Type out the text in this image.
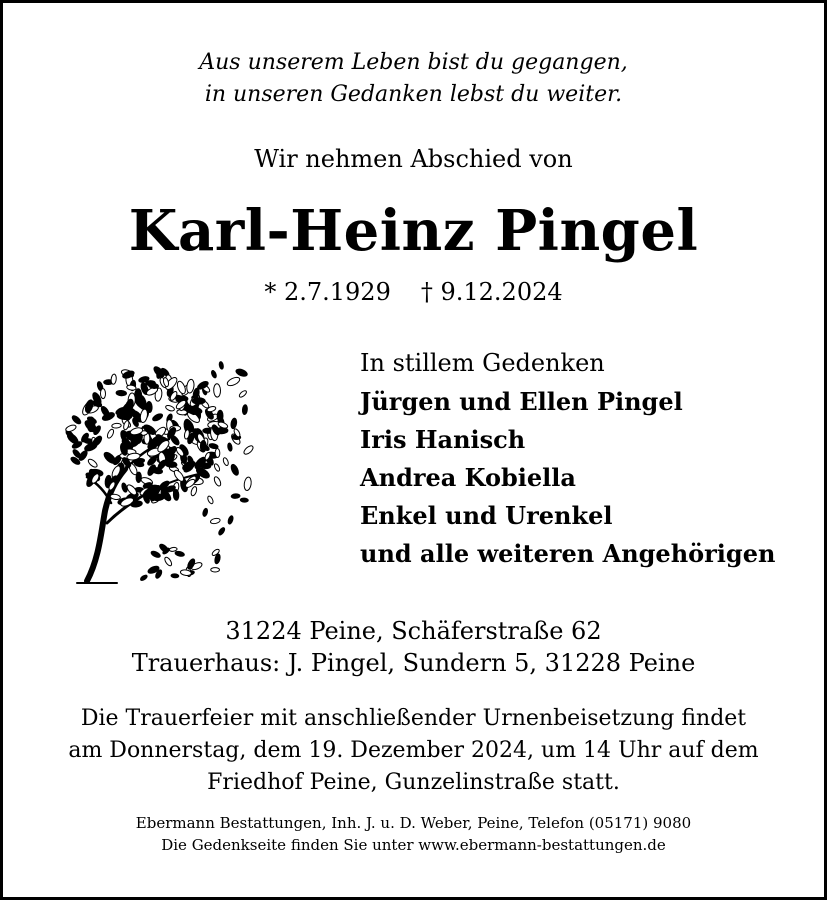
Aus unserem Leben bist du gegangen,
in unseren Gedanken lebst du weiter.
Wir nehmen Abschied von
Karl-Heinz Pingel
* 2.7.1929 † 9.12.2024
In stillem Gedenken
Jürgen und Ellen Pingel
Iris Hanisch
Andrea Kobiella
Enkel und Urenkel
und alle weiteren Angehörigen
31224 Peine, Schäferstraße 62
Trauerhaus: J. Pingel, Sundern 5, 31228 Peine
Die Trauerfeier mit anschließender Urnenbeisetzung findet
am Donnerstag, dem 19. Dezember 2024, um 14 Uhr auf dem
Friedhof Peine, Gunzelinstraße statt.
Ebermann Bestattungen, Inh. J. u. D. Weber, Peine, Telefon (05171) 9080
Die Gedenkseite finden Sie unter www.ebermann-bestattungen.de
